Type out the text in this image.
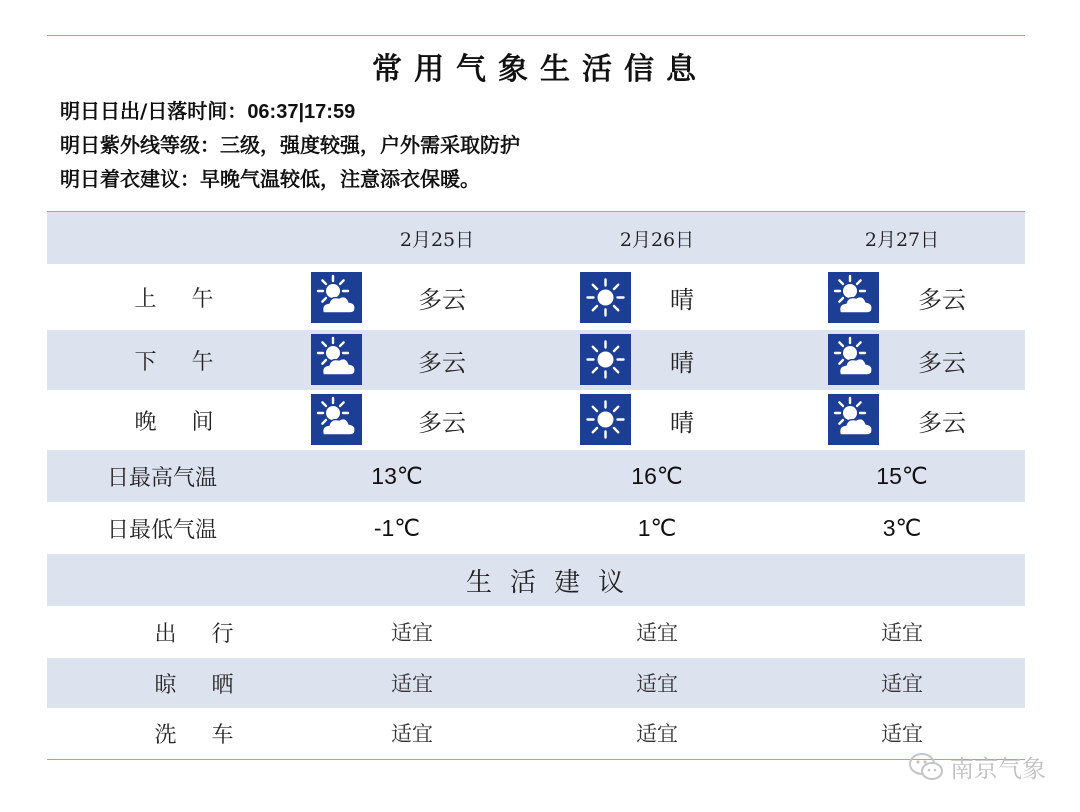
常用气象生活信息
明日日出/日落时间：06:37|17:59
明日紫外线等级：三级，强度较强，户外需采取防护
明日着衣建议：早晚气温较低，注意添衣保暖。
2月25日	2月26日	2月27日
上 午	多云	晴	多云
下 午	多云	晴	多云
晚 间	多云	晴	多云
日最高气温	13℃	16℃	15℃
日最低气温	-1℃	1℃	3℃
生活建议
出 行	适宜	适宜	适宜
晾 晒	适宜	适宜	适宜
洗 车	适宜	适宜	适宜
南京气象
